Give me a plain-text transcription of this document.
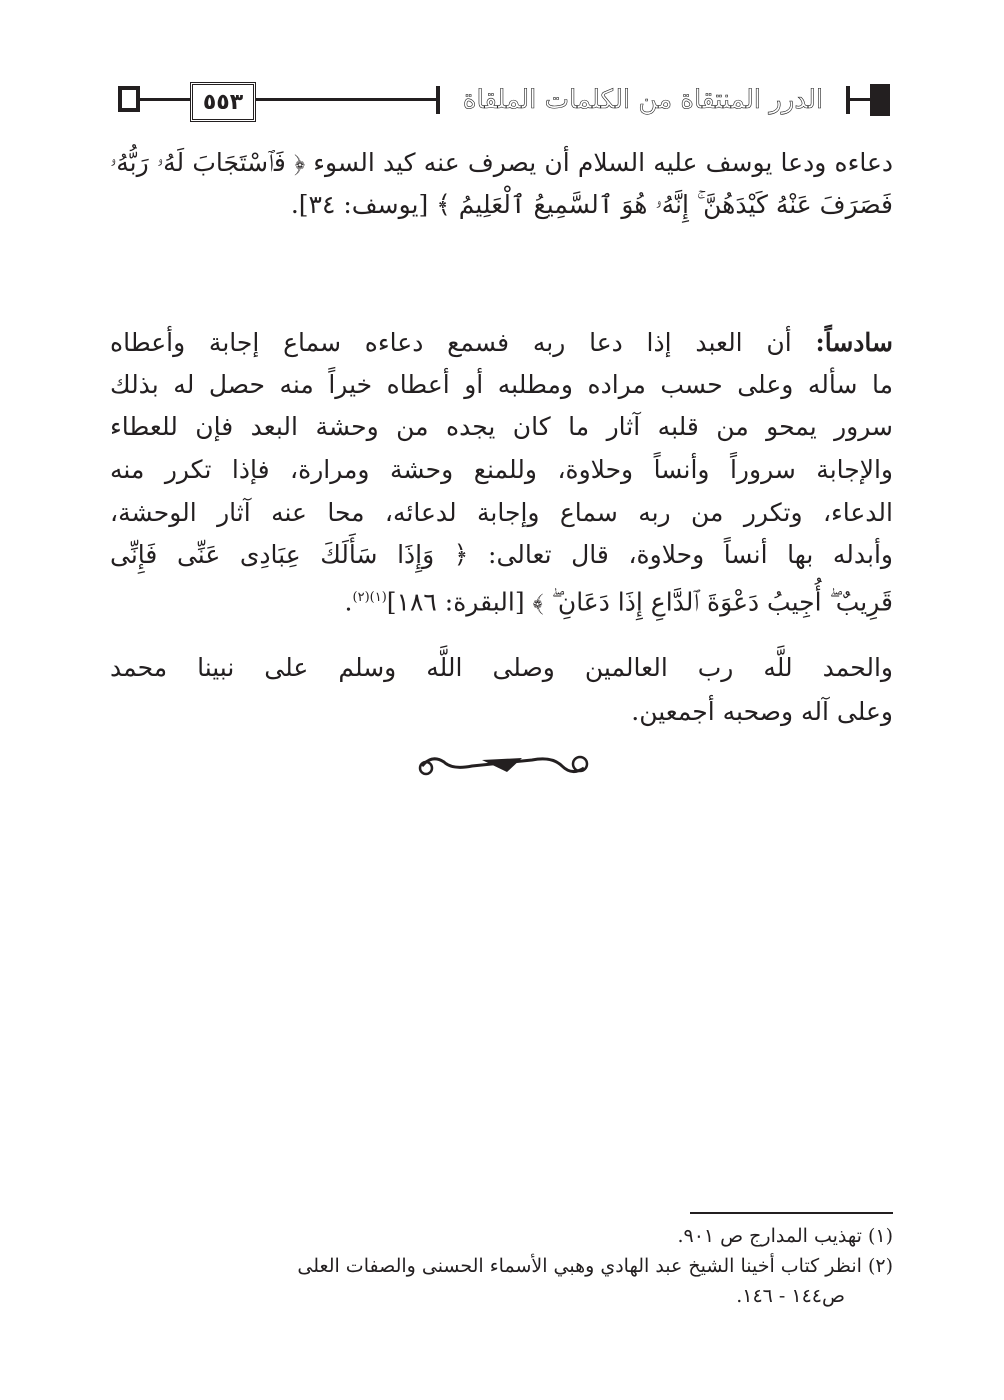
٥٥٣	الدرر المنتقاة من الكلمات الملقاة
دعاءه ودعا يوسف عليه السلام أن يصرف عنه كيد السوء ﴿ فَٱسْتَجَابَ لَهُۥ رَبُّهُۥ
فَصَرَفَ عَنْهُ كَيْدَهُنَّ ۚ إِنَّهُۥ هُوَ ٱلسَّمِيعُ ٱلْعَلِيمُ ﴾ [يوسف: ٣٤].
سادساً: أن العبد إذا دعا ربه فسمع دعاءه سماع إجابة وأعطاه
ما سأله وعلى حسب مراده ومطلبه أو أعطاه خيراً منه حصل له بذلك
سرور يمحو من قلبه آثار ما كان يجده من وحشة البعد فإن للعطاء
والإجابة سروراً وأنساً وحلاوة، وللمنع وحشة ومرارة، فإذا تكرر منه
الدعاء، وتكرر من ربه سماع وإجابة لدعائه، محا عنه آثار الوحشة،
وأبدله بها أنساً وحلاوة، قال تعالى: ﴿ وَإِذَا سَأَلَكَ عِبَادِى عَنِّى فَإِنِّى
قَرِيبٌ ۖ أُجِيبُ دَعْوَةَ ٱلدَّاعِ إِذَا دَعَانِ ۖ ﴾ [البقرة: ١٨٦]$^{(١)(٢)}$.
والحمد للَّه رب العالمين وصلى اللَّه وسلم على نبينا محمد
وعلى آله وصحبه أجمعين.
(١) تهذيب المدارج ص ٩٠١.
(٢) انظر كتاب أخينا الشيخ عبد الهادي وهبي الأسماء الحسنى والصفات العلى
ص١٤٤ - ١٤٦.
